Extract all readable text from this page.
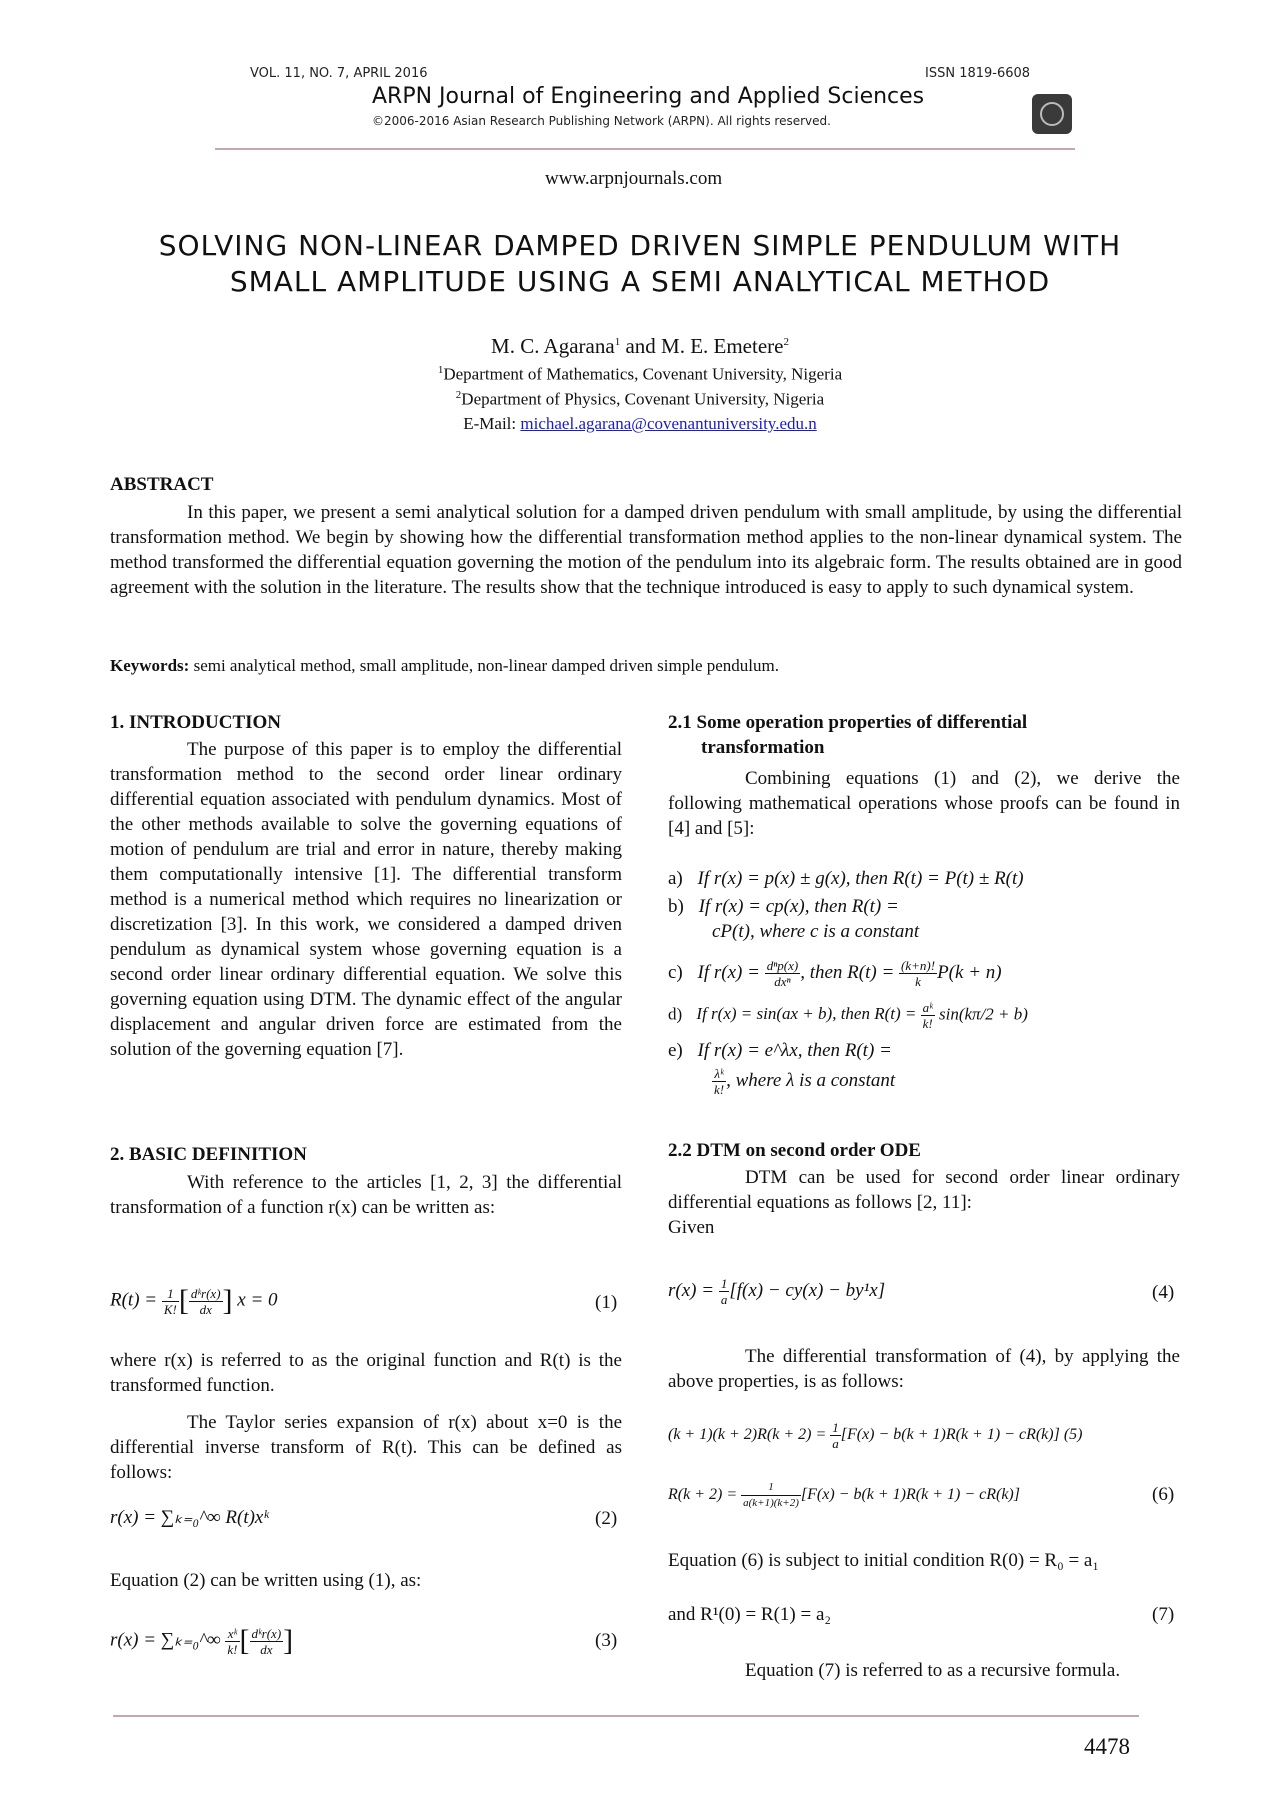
VOL. 11, NO. 7, APRIL 2016	ISSN 1819-6608
ARPN Journal of Engineering and Applied Sciences
©2006-2016 Asian Research Publishing Network (ARPN). All rights reserved.
www.arpnjournals.com
SOLVING NON-LINEAR DAMPED DRIVEN SIMPLE PENDULUM WITH
SMALL AMPLITUDE USING A SEMI ANALYTICAL METHOD
M. C. Agarana$^1$ and M. E. Emetere$^2$
$^1$Department of Mathematics, Covenant University, Nigeria
$^2$Department of Physics, Covenant University, Nigeria
E-Mail: michael.agarana@covenantuniversity.edu.n
ABSTRACT

In this paper, we present a semi analytical solution for a damped driven pendulum with small amplitude, by using the differential transformation method. We begin by showing how the differential transformation method applies to the non-linear dynamical system. The method transformed the differential equation governing the motion of the pendulum into its algebraic form. The results obtained are in good agreement with the solution in the literature. The results show that the technique introduced is easy to apply to such dynamical system.

Keywords: semi analytical method, small amplitude, non-linear damped driven simple pendulum.
1. INTRODUCTION

The purpose of this paper is to employ the differential transformation method to the second order linear ordinary differential equation associated with pendulum dynamics. Most of the other methods available to solve the governing equations of motion of pendulum are trial and error in nature, thereby making them computationally intensive [1]. The differential transform method is a numerical method which requires no linearization or discretization [3]. In this work, we considered a damped driven pendulum as dynamical system whose governing equation is a second order linear ordinary differential equation. We solve this governing equation using DTM. The dynamic effect of the angular displacement and angular driven force are estimated from the solution of the governing equation [7].

2. BASIC DEFINITION

With reference to the articles [1, 2, 3] the differential transformation of a function r(x) can be written as:

$R(t) = \frac{1}{K!}$ [ $\frac{\text{dᵏr(x)}}{dx}$ ] x = 0	(1)

where r(x) is referred to as the original function and R(t) is the transformed function.

The Taylor series expansion of r(x) about x=0 is the differential inverse transform of R(t). This can be defined as follows:

r(x) = ∑ₖ₌₀^∞ R(t)xᵏ	(2)

Equation (2) can be written using (1), as:

r(x) = ∑ₖ₌₀^∞ $\frac{\text{xᵏ}}{k!}$ [ $\frac{\text{dᵏr(x)}}{dx}$ ]	(3)
2.1 Some operation properties of differential
transformation

Combining equations (1) and (2), we derive the following mathematical operations whose proofs can be found in [4] and [5]:

a) If r(x) = p(x) ± g(x), then R(t) = P(t) ± R(t)
b) If r(x) = cp(x), then R(t) =
cP(t), where c is a constant
c) If $r(x) = \frac{\text{dⁿp(x)}}{\text{dxⁿ}}$ , then $R(t) = \frac{(k+n)!}{k} P(k + n)$
d) If r(x) = sin(ax + b), then $R(t) = \frac{\text{aᵏ}}{k!} \sin(k\pi/2 + b)$
e) If r(x) = e^λx, then R(t) =
$\frac{\text{λᵏ}}{k!}$ , where λ is a constant
2.2 DTM on second order ODE

DTM can be used for second order linear ordinary differential equations as follows [2, 11]:

Given

$r(x) = \frac{1}{a} [f(x) - cy(x) - by^1x]$	(4)

The differential transformation of (4), by applying the above properties, is as follows:

$(k + 1)(k + 2)R(k + 2) = \frac{1}{a} [F(x) - b(k + 1)R(k + 1) - cR(k)]$ (5)
$R(k + 2) = \frac{1}{a(k+1)(k+2)} [F(x) - b(k + 1)R(k + 1) - cR(k)]$	(6)

Equation (6) is subject to initial condition R(0) = R₀ = a₁

and R¹(0) = R(1) = a₂	(7)
Equation (7) is referred to as a recursive formula.
4478
